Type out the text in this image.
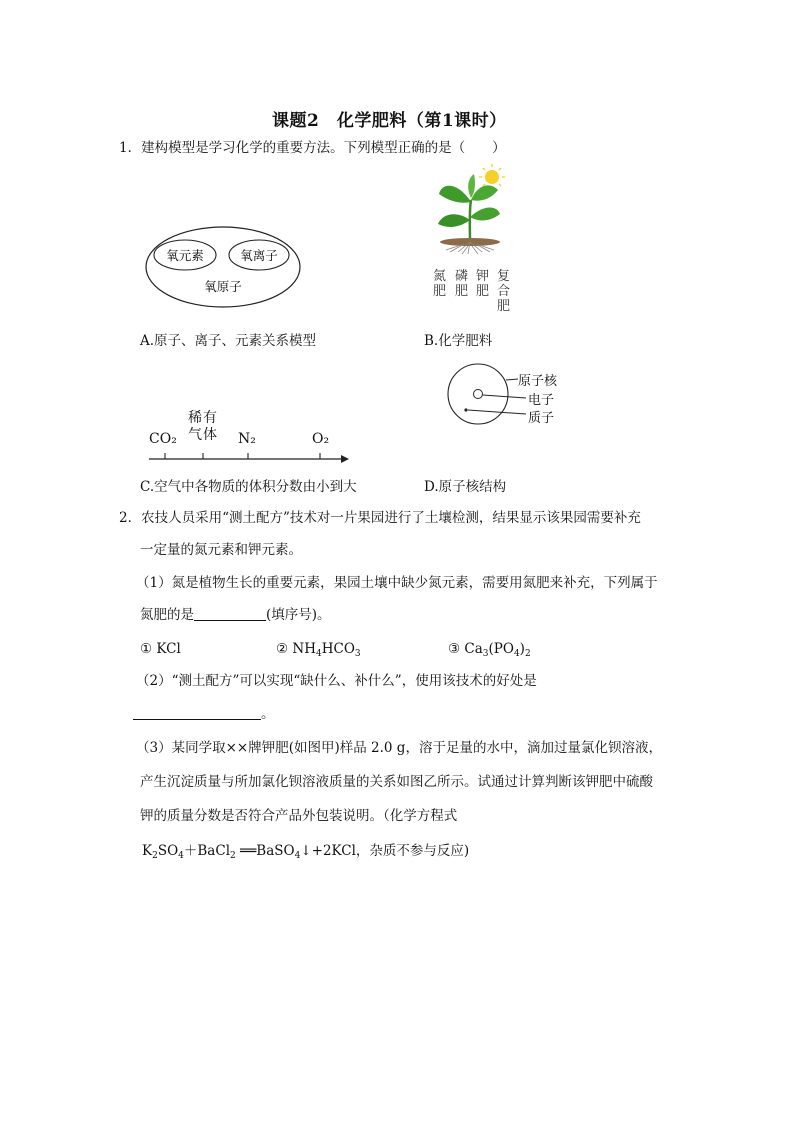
课题2　化学肥料（第1课时）
1．建构模型是学习化学的重要方法。下列模型正确的是（　　）
氧元素	氧离子
氧原子
A.原子、离子、元素关系模型
氮肥
磷肥
钾肥
复合肥
B.化学肥料
原子核
电子
质子
CO₂
稀有气体 N₂	O₂
C.空气中各物质的体积分数由小到大	D.原子核结构
2．农技人员采用“测土配方”技术对一片果园进行了土壤检测，结果显示该果园需要补充
一定量的氮元素和钾元素。
（1）氮是植物生长的重要元素，果园土壤中缺少氮元素，需要用氮肥来补充，下列属于
氮肥的是	(填序号)。
① KCl	② $NH_4HCO_3$	③ $Ca_3(PO_4)_2$
（2）“测土配方”可以实现“缺什么、补什么”，使用该技术的好处是
。
（3）某同学取××牌钾肥(如图甲)样品 2.0 g，溶于足量的水中，滴加过量氯化钡溶液，
产生沉淀质量与所加氯化钡溶液质量的关系如图乙所示。试通过计算判断该钾肥中硫酸
钾的质量分数是否符合产品外包装说明。（化学方程式
$K_2SO_4+BaCl_2$ ══BaSO$_4$↓+2KCl，杂质不参与反应)
